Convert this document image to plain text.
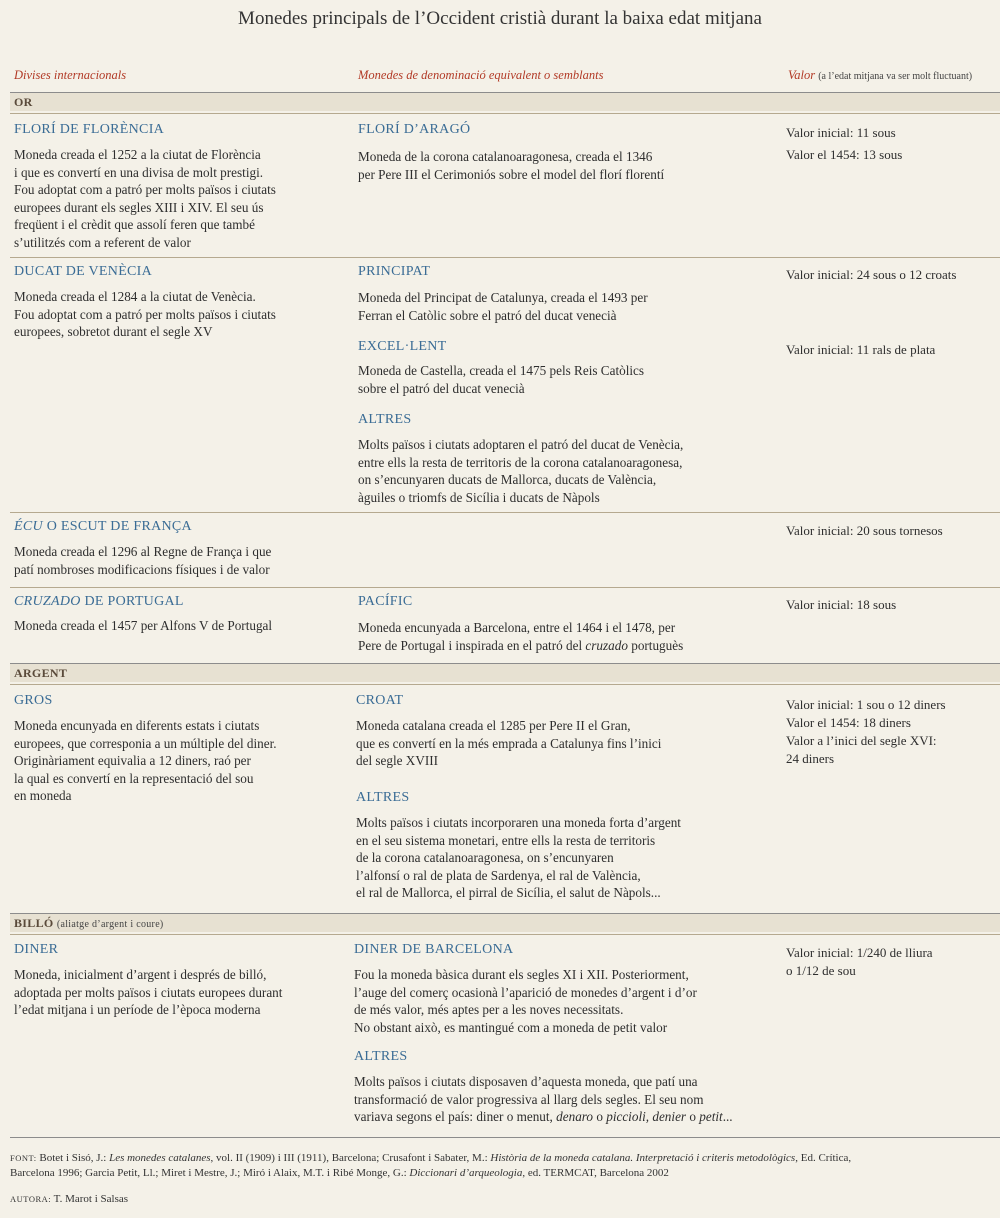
Monedes principals de l’Occident cristià durant la baixa edat mitjana
Divises internacionals	Monedes de denominació equivalent o semblants	Valor (a l’edat mitjana va ser molt fluctuant)
OR
FLORÍ DE FLORÈNCIA
Moneda creada el 1252 a la ciutat de Florència
i que es convertí en una divisa de molt prestigi.
Fou adoptat com a patró per molts països i ciutats
europees durant els segles XIII i XIV. El seu ús
freqüent i el crèdit que assolí feren que també
s’utilitzés com a referent de valor
FLORÍ D’ARAGÓ
Moneda de la corona catalanoaragonesa, creada el 1346
per Pere III el Cerimoniós sobre el model del florí florentí
Valor inicial: 11 sous
Valor el 1454: 13 sous
DUCAT DE VENÈCIA
Moneda creada el 1284 a la ciutat de Venècia.
Fou adoptat com a patró per molts països i ciutats
europees, sobretot durant el segle XV
PRINCIPAT
Moneda del Principat de Catalunya, creada el 1493 per
Ferran el Catòlic sobre el patró del ducat venecià
Valor inicial: 24 sous o 12 croats
EXCEL·LENT
Moneda de Castella, creada el 1475 pels Reis Catòlics
sobre el patró del ducat venecià
Valor inicial: 11 rals de plata
ALTRES
Molts països i ciutats adoptaren el patró del ducat de Venècia,
entre ells la resta de territoris de la corona catalanoaragonesa,
on s’encunyaren ducats de Mallorca, ducats de València,
àguiles o triomfs de Sicília i ducats de Nàpols
ÉCU O ESCUT DE FRANÇA
Moneda creada el 1296 al Regne de França i que
patí nombroses modificacions físiques i de valor
Valor inicial: 20 sous tornesos
CRUZADO DE PORTUGAL
Moneda creada el 1457 per Alfons V de Portugal
PACÍFIC
Moneda encunyada a Barcelona, entre el 1464 i el 1478, per
Pere de Portugal i inspirada en el patró del cruzado portuguès
Valor inicial: 18 sous
ARGENT
GROS
Moneda encunyada en diferents estats i ciutats
europees, que corresponia a un múltiple del diner.
Originàriament equivalia a 12 diners, raó per
la qual es convertí en la representació del sou
en moneda
CROAT
Moneda catalana creada el 1285 per Pere II el Gran,
que es convertí en la més emprada a Catalunya fins l’inici
del segle XVIII
Valor inicial: 1 sou o 12 diners
Valor el 1454: 18 diners
Valor a l’inici del segle XVI:
24 diners
ALTRES
Molts països i ciutats incorporaren una moneda forta d’argent
en el seu sistema monetari, entre ells la resta de territoris
de la corona catalanoaragonesa, on s’encunyaren
l’alfonsí o ral de plata de Sardenya, el ral de València,
el ral de Mallorca, el pirral de Sicília, el salut de Nàpols...
BILLÓ (aliatge d’argent i coure)
DINER
Moneda, inicialment d’argent i després de billó,
adoptada per molts països i ciutats europees durant
l’edat mitjana i un període de l’època moderna
DINER DE BARCELONA
Fou la moneda bàsica durant els segles XI i XII. Posteriorment,
l’auge del comerç ocasionà l’aparició de monedes d’argent i d’or
de més valor, més aptes per a les noves necessitats.
No obstant això, es mantingué com a moneda de petit valor
Valor inicial: 1/240 de lliura
o 1/12 de sou
ALTRES
Molts països i ciutats disposaven d’aquesta moneda, que patí una
transformació de valor progressiva al llarg dels segles. El seu nom
variava segons el país: diner o menut, denaro o piccioli, denier o petit...
FONT: Botet i Sisó, J.: Les monedes catalanes, vol. II (1909) i III (1911), Barcelona; Crusafont i Sabater, M.: Història de la moneda catalana. Interpretació i criteris metodològics, Ed. Crítica,
Barcelona 1996; Garcia Petit, Ll.; Miret i Mestre, J.; Miró i Alaix, M.T. i Ribé Monge, G.: Diccionari d’arqueologia, ed. TERMCAT, Barcelona 2002
AUTORA: T. Marot i Salsas
